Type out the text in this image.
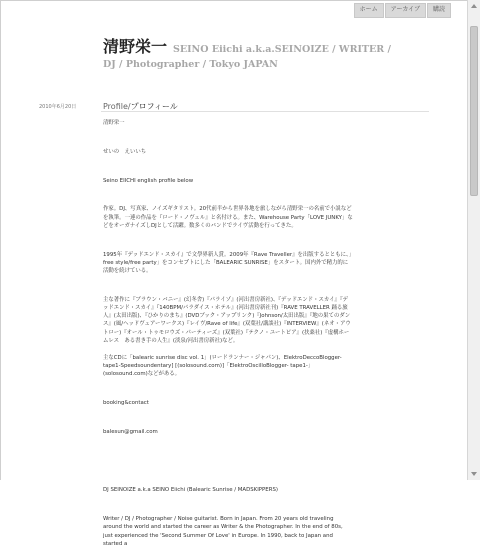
ホーム	アーカイブ	購読
清野栄一 SEINO Eiichi a.k.a.SEINOIZE / WRITER / DJ / Photographer / Tokyo JAPAN
2010年6月20日	Profile/プロフィール

清野栄一

せいの　えいいち

Seino EIICHI english profile below

作家。DJ、写真家、ノイズギタリスト。20代前半から世界各地を旅しながら清野栄一の名前で小説などを執筆。一連の作品を『ロード・ノヴェル』と名付ける。また、Warehouse Party「LOVE JUNKY」などをオーガナイズしDJとして活躍。数多くのバンドでライヴ活動を行ってきた。

1995年『デッドエンド・スカイ』で文學界新人賞。2009年『Rave Traveller』を出版するとともに、」free style/free party」をコンセプトにした「BALEARIC SUNRISE」をスタート。国内外で精力的に活動を続けている。

主な著作に『ブラウン・バニー』(幻冬舎)『パライゾ』(河出書房新社)、『デッドエンド・スカイ』『デッドエンド・スカイ』『140BPM/パラダイス・ホテル』(河出書房新社刊)『RAVE TRAVELLER 踊る旅人』(太田出版)、『ひかりのまち』(DVDブック・アップリンク)『Johnson/太田出版』『地の果てのダンス』(風/ヘッドヴェアーワークス)『レイヴ/Rave of life』(双葉社/講談社)『INTERVIEW』(ネオ・アウトロー)『オール・トゥモロウズ・パーティーズ』(双葉社)『テクノ・ユートピア』(扶桑社)『虚構ホームレス　ある書き手の人生』(淡泉/河出書房新社)など。

主なCDに「balearic sunrise disc vol. 1」(ロードランナー・ジャパン)、ElektroDeccoBlogger- tape1-Speedsoundentary] [(solosound.com)]「ElektroOscilloBlogger- tape1-」(solosound.com)などがある。

booking&contact

balesun@gmail.com

DJ SEINOIZE a.k.a SEINO Eiichi (Balearic Sunrise / MADSKIPPERS)

Writer / DJ / Photographer / Noise guitarist. Born in Japan. From 20 years old traveling around the world and started the career as Writer & the Photographer. In the end of 80s, just experienced the 'Second Summer Of Love' in Europe. In 1990, back to Japan and started a
